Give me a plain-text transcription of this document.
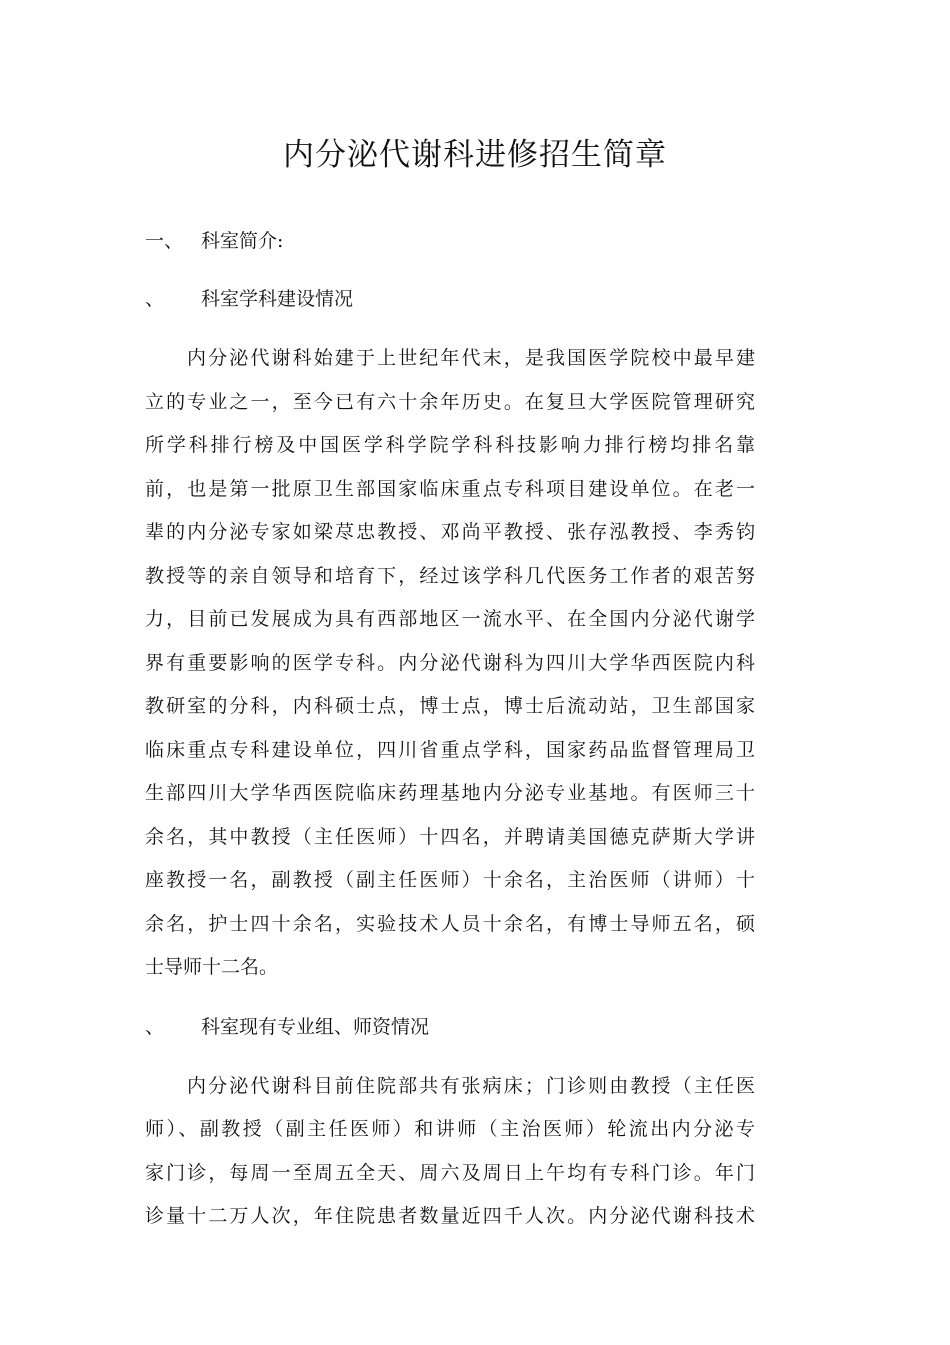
内分泌代谢科进修招生简章
一、 科室简介:
、 科室学科建设情况
内分泌代谢科始建于上世纪年代末，是我国医学院校中最早建
立的专业之一，至今已有六十余年历史。在复旦大学医院管理研究
所学科排行榜及中国医学科学院学科科技影响力排行榜均排名靠
前，也是第一批原卫生部国家临床重点专科项目建设单位。在老一
辈的内分泌专家如梁荩忠教授、邓尚平教授、张存泓教授、李秀钧
教授等的亲自领导和培育下，经过该学科几代医务工作者的艰苦努
力，目前已发展成为具有西部地区一流水平、在全国内分泌代谢学
界有重要影响的医学专科。内分泌代谢科为四川大学华西医院内科
教研室的分科，内科硕士点，博士点，博士后流动站，卫生部国家
临床重点专科建设单位，四川省重点学科，国家药品监督管理局卫
生部四川大学华西医院临床药理基地内分泌专业基地。有医师三十
余名，其中教授（主任医师）十四名，并聘请美国德克萨斯大学讲
座教授一名，副教授（副主任医师）十余名，主治医师（讲师）十
余名，护士四十余名，实验技术人员十余名，有博士导师五名，硕
士导师十二名。
、 科室现有专业组、师资情况
内分泌代谢科目前住院部共有张病床；门诊则由教授（主任医
师）、副教授（副主任医师）和讲师（主治医师）轮流出内分泌专
家门诊，每周一至周五全天、周六及周日上午均有专科门诊。年门
诊量十二万人次，年住院患者数量近四千人次。内分泌代谢科技术
